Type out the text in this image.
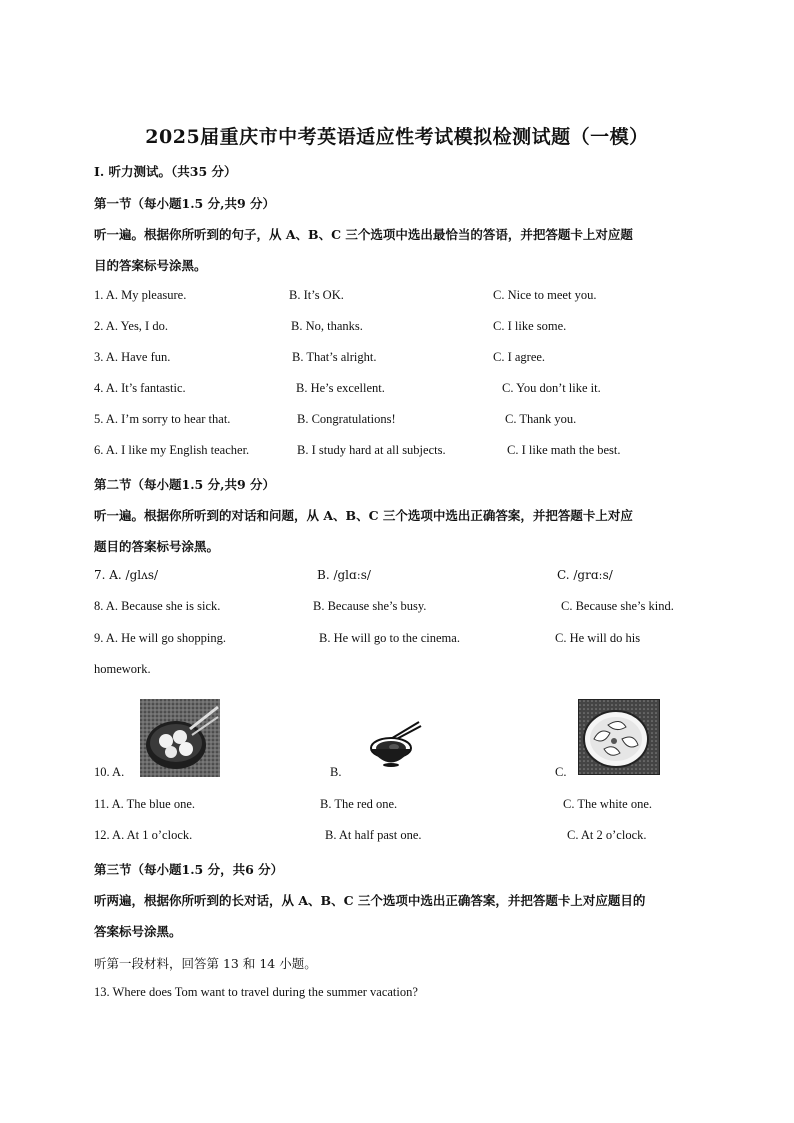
2025届重庆市中考英语适应性考试模拟检测试题（一模）
I. 听力测试。（共35 分）
第一节（每小题1.5 分,共9 分）
听一遍。根据你所听到的句子，从 A、B、C 三个选项中选出最恰当的答语，并把答题卡上对应题
目的答案标号涂黑。
1. A. My pleasure.	B. It’s OK.	C. Nice to meet you.
2. A. Yes, I do.	B. No, thanks.	C. I like some.
3. A. Have fun.	B. That’s alright.	C. I agree.
4. A. It’s fantastic.	B. He’s excellent.	C. You don’t like it.
5. A. I’m sorry to hear that.	B. Congratulations!	C. Thank you.
6. A. I like my English teacher.	B. I study hard at all subjects.	C. I like math the best.
第二节（每小题1.5 分,共9 分）
听一遍。根据你所听到的对话和问题，从 A、B、C 三个选项中选出正确答案，并把答题卡上对应
题目的答案标号涂黑。
7. A. /glʌs/	B. /glɑːs/	C. /grɑːs/
8. A. Because she is sick.	B. Because she’s busy.	C. Because she’s kind.
9. A. He will go shopping.	B. He will go to the cinema.	C. He will do his
homework.
10. A.	B.	C.
11. A. The blue one.	B. The red one.	C. The white one.
12. A. At 1 o’clock.	B. At half past one.	C. At 2 o’clock.
第三节（每小题1.5 分，共6 分）
听两遍，根据你所听到的长对话，从 A、B、C 三个选项中选出正确答案，并把答题卡上对应题目的
答案标号涂黑。
听第一段材料，回答第 13 和 14 小题。
13. Where does Tom want to travel during the summer vacation?
